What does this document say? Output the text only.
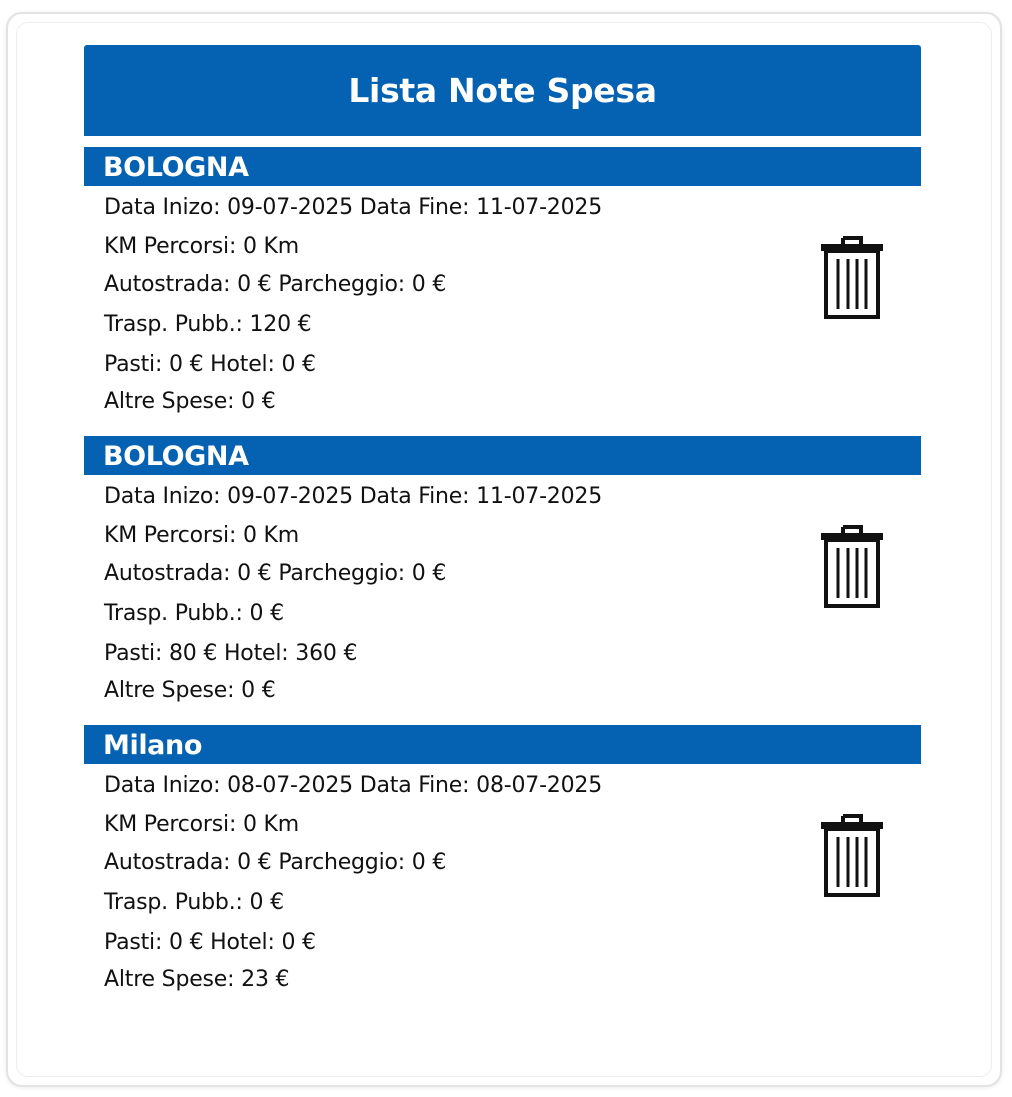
Lista Note Spesa
BOLOGNA
Data Inizo: 09-07-2025 Data Fine: 11-07-2025
KM Percorsi: 0 Km
Autostrada: 0 € Parcheggio: 0 €
Trasp. Pubb.: 120 €
Pasti: 0 € Hotel: 0 €
Altre Spese: 0 €
BOLOGNA
Data Inizo: 09-07-2025 Data Fine: 11-07-2025
KM Percorsi: 0 Km
Autostrada: 0 € Parcheggio: 0 €
Trasp. Pubb.: 0 €
Pasti: 80 € Hotel: 360 €
Altre Spese: 0 €
Milano
Data Inizo: 08-07-2025 Data Fine: 08-07-2025
KM Percorsi: 0 Km
Autostrada: 0 € Parcheggio: 0 €
Trasp. Pubb.: 0 €
Pasti: 0 € Hotel: 0 €
Altre Spese: 23 €
